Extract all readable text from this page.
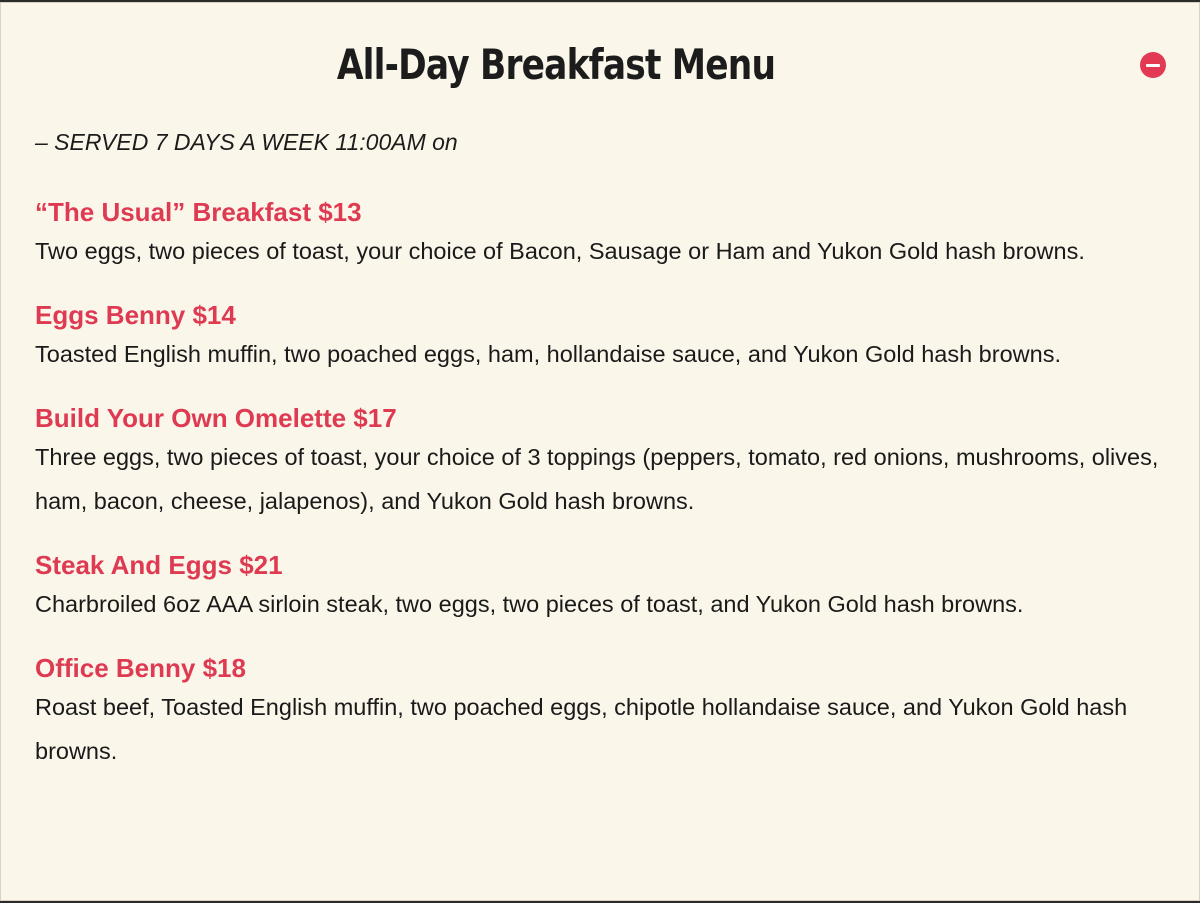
All-Day Breakfast Menu
– SERVED 7 DAYS A WEEK 11:00AM on
“The Usual” Breakfast $13
Two eggs, two pieces of toast, your choice of Bacon, Sausage or Ham and Yukon Gold hash browns.
Eggs Benny $14
Toasted English muffin, two poached eggs, ham, hollandaise sauce, and Yukon Gold hash browns.
Build Your Own Omelette $17
Three eggs, two pieces of toast, your choice of 3 toppings (peppers, tomato, red onions, mushrooms, olives, ham, bacon, cheese, jalapenos), and Yukon Gold hash browns.
Steak And Eggs $21
Charbroiled 6oz AAA sirloin steak, two eggs, two pieces of toast, and Yukon Gold hash browns.
Office Benny $18
Roast beef, Toasted English muffin, two poached eggs, chipotle hollandaise sauce, and Yukon Gold hash browns.
